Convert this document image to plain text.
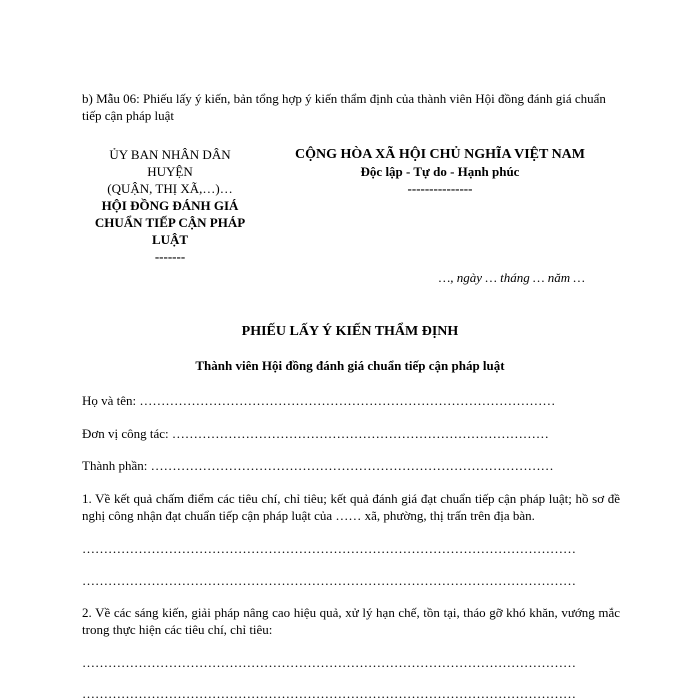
b) Mẫu 06: Phiếu lấy ý kiến, bản tổng hợp ý kiến thẩm định của thành viên Hội đồng đánh giá chuẩn tiếp cận pháp luật
ỦY BAN NHÂN DÂN
HUYỆN
(QUẬN, THỊ XÃ,…)…
HỘI ĐỒNG ĐÁNH GIÁ
CHUẨN TIẾP CẬN PHÁP
LUẬT
-------
CỘNG HÒA XÃ HỘI CHỦ NGHĨA VIỆT NAM
Độc lập - Tự do - Hạnh phúc
---------------
…, ngày … tháng … năm …
PHIẾU LẤY Ý KIẾN THẨM ĐỊNH
Thành viên Hội đồng đánh giá chuẩn tiếp cận pháp luật
Họ và tên: ……………………………………………………………………………………
Đơn vị công tác: ……………………………………………………………………………
Thành phần: …………………………………………………………………………………
1. Về kết quả chấm điểm các tiêu chí, chỉ tiêu; kết quả đánh giá đạt chuẩn tiếp cận pháp luật; hồ sơ đề nghị công nhận đạt chuẩn tiếp cận pháp luật của …… xã, phường, thị trấn trên địa bàn.
……………………………………………………………………………………………………
……………………………………………………………………………………………………
2. Về các sáng kiến, giải pháp nâng cao hiệu quả, xử lý hạn chế, tồn tại, tháo gỡ khó khăn, vướng mắc trong thực hiện các tiêu chí, chỉ tiêu:
……………………………………………………………………………………………………
……………………………………………………………………………………………………
